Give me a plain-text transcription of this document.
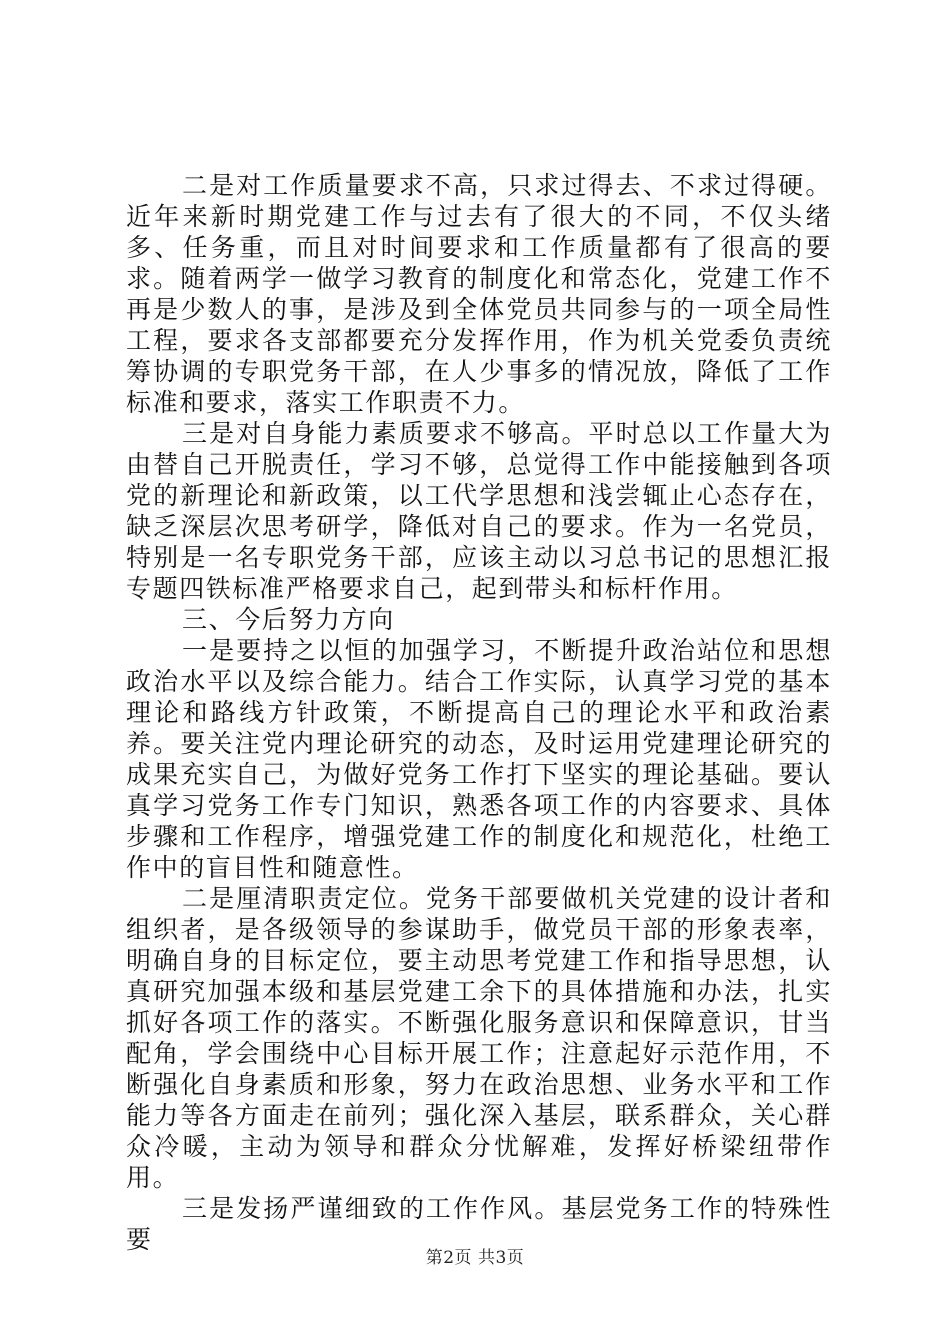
二是对工作质量要求不高，只求过得去、不求过得硬。近年来新时期党建工作与过去有了很大的不同，不仅头绪多、任务重，而且对时间要求和工作质量都有了很高的要求。随着两学一做学习教育的制度化和常态化，党建工作不再是少数人的事，是涉及到全体党员共同参与的一项全局性工程，要求各支部都要充分发挥作用，作为机关党委负责统筹协调的专职党务干部，在人少事多的情况放，降低了工作标准和要求，落实工作职责不力。

三是对自身能力素质要求不够高。平时总以工作量大为由替自己开脱责任，学习不够，总觉得工作中能接触到各项党的新理论和新政策，以工代学思想和浅尝辄止心态存在，缺乏深层次思考研学，降低对自己的要求。作为一名党员，特别是一名专职党务干部，应该主动以习总书记的思想汇报专题四铁标准严格要求自己，起到带头和标杆作用。

三、今后努力方向

一是要持之以恒的加强学习，不断提升政治站位和思想政治水平以及综合能力。结合工作实际，认真学习党的基本理论和路线方针政策，不断提高自己的理论水平和政治素养。要关注党内理论研究的动态，及时运用党建理论研究的成果充实自己，为做好党务工作打下坚实的理论基础。要认真学习党务工作专门知识，熟悉各项工作的内容要求、具体步骤和工作程序，增强党建工作的制度化和规范化，杜绝工作中的盲目性和随意性。

二是厘清职责定位。党务干部要做机关党建的设计者和组织者，是各级领导的参谋助手，做党员干部的形象表率，明确自身的目标定位，要主动思考党建工作和指导思想，认真研究加强本级和基层党建工余下的具体措施和办法，扎实抓好各项工作的落实。不断强化服务意识和保障意识，甘当配角，学会围绕中心目标开展工作；注意起好示范作用，不断强化自身素质和形象，努力在政治思想、业务水平和工作能力等各方面走在前列；强化深入基层，联系群众，关心群众冷暖，主动为领导和群众分忧解难，发挥好桥梁纽带作用。

三是发扬严谨细致的工作作风。基层党务工作的特殊性要

第2页 共3页
